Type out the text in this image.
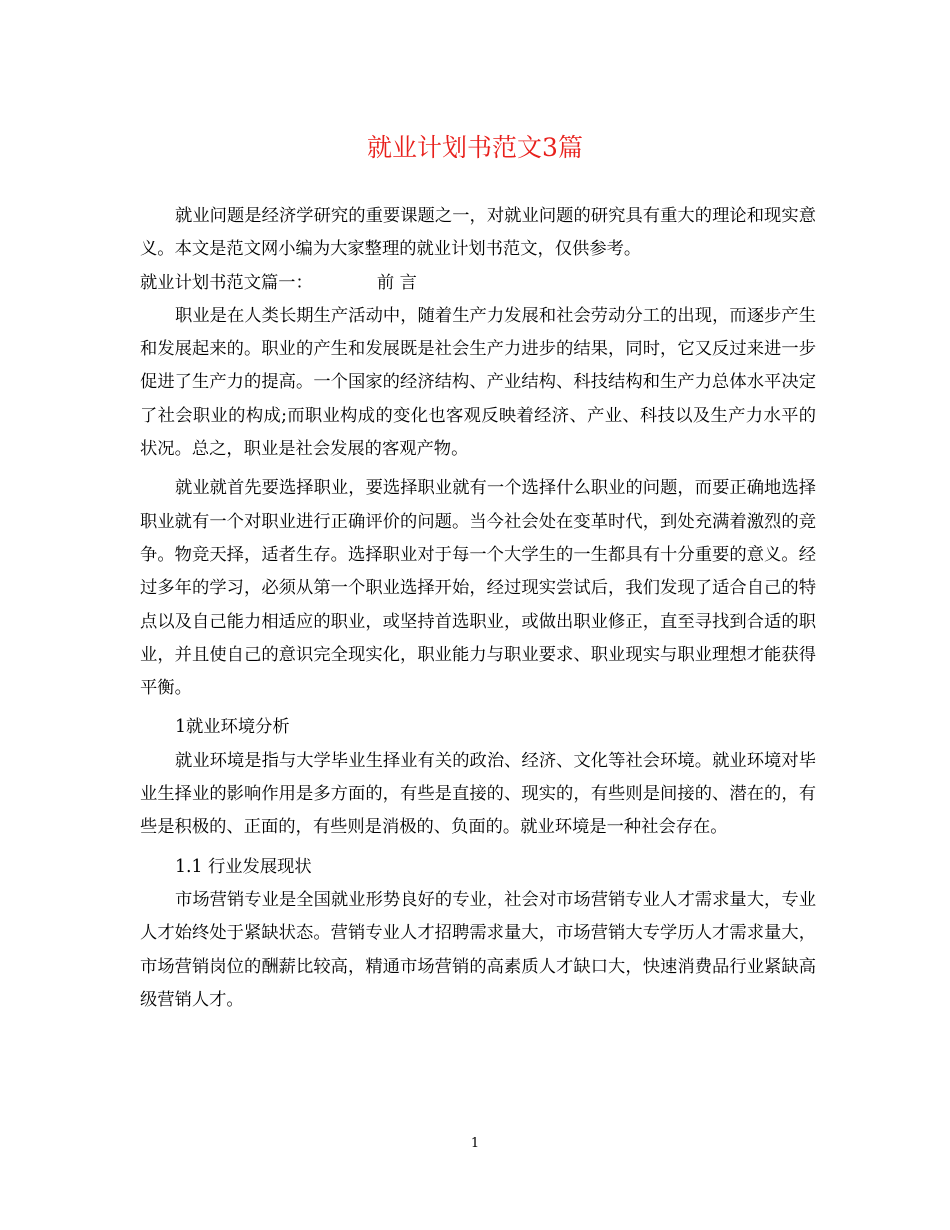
就业计划书范文3篇

就业问题是经济学研究的重要课题之一，对就业问题的研究具有重大的理论和现实意义。本文是范文网小编为大家整理的就业计划书范文，仅供参考。

就业计划书范文篇一：	前 言

职业是在人类长期生产活动中，随着生产力发展和社会劳动分工的出现，而逐步产生和发展起来的。职业的产生和发展既是社会生产力进步的结果，同时，它又反过来进一步促进了生产力的提高。一个国家的经济结构、产业结构、科技结构和生产力总体水平决定了社会职业的构成;而职业构成的变化也客观反映着经济、产业、科技以及生产力水平的状况。总之，职业是社会发展的客观产物。

就业就首先要选择职业，要选择职业就有一个选择什么职业的问题，而要正确地选择职业就有一个对职业进行正确评价的问题。当今社会处在变革时代，到处充满着激烈的竞争。物竞天择，适者生存。选择职业对于每一个大学生的一生都具有十分重要的意义。经过多年的学习，必须从第一个职业选择开始，经过现实尝试后，我们发现了适合自己的特点以及自己能力相适应的职业，或坚持首选职业，或做出职业修正，直至寻找到合适的职业，并且使自己的意识完全现实化，职业能力与职业要求、职业现实与职业理想才能获得平衡。

1就业环境分析

就业环境是指与大学毕业生择业有关的政治、经济、文化等社会环境。就业环境对毕业生择业的影响作用是多方面的，有些是直接的、现实的，有些则是间接的、潜在的，有些是积极的、正面的，有些则是消极的、负面的。就业环境是一种社会存在。

1.1 行业发展现状

市场营销专业是全国就业形势良好的专业，社会对市场营销专业人才需求量大，专业人才始终处于紧缺状态。营销专业人才招聘需求量大，市场营销大专学历人才需求量大，市场营销岗位的酬薪比较高，精通市场营销的高素质人才缺口大，快速消费品行业紧缺高级营销人才。

1
